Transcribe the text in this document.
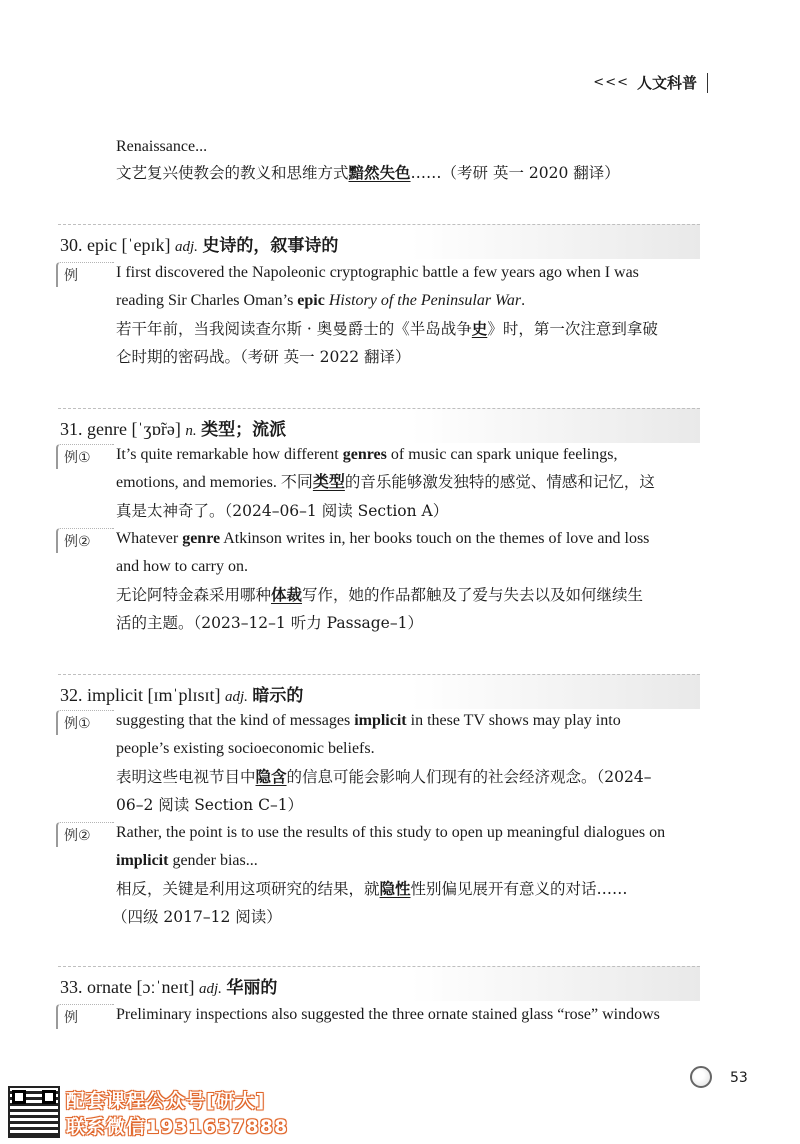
<<< 人文科普
Renaissance...
文艺复兴使教会的教义和思维方式黯然失色……（考研 英一 2020 翻译）
30. epic [ˈepɪk] adj. 史诗的，叙事诗的
例	I first discovered the Napoleonic cryptographic battle a few years ago when I was
reading Sir Charles Oman’s epic History of the Peninsular War.
若干年前，当我阅读查尔斯 · 奥曼爵士的《半岛战争史》时，第一次注意到拿破
仑时期的密码战。（考研 英一 2022 翻译）
31. genre [ˈʒɒ̃rə] n. 类型；流派
例①	It’s quite remarkable how different genres of music can spark unique feelings,
emotions, and memories. 不同类型的音乐能够激发独特的感觉、情感和记忆，这
真是太神奇了。（2024–06–1 阅读 Section A）
例②	Whatever genre Atkinson writes in, her books touch on the themes of love and loss
and how to carry on.
无论阿特金森采用哪种体裁写作，她的作品都触及了爱与失去以及如何继续生
活的主题。（2023–12–1 听力 Passage–1）
32. implicit [ɪmˈplɪsɪt] adj. 暗示的
例①	suggesting that the kind of messages implicit in these TV shows may play into
people’s existing socioeconomic beliefs.
表明这些电视节目中隐含的信息可能会影响人们现有的社会经济观念。（2024–
06–2 阅读 Section C–1）
例②	Rather, the point is to use the results of this study to open up meaningful dialogues on
implicit gender bias...
相反，关键是利用这项研究的结果，就隐性性别偏见展开有意义的对话……
（四级 2017–12 阅读）
33. ornate [ɔːˈneɪt] adj. 华丽的
例	Preliminary inspections also suggested the three ornate stained glass “rose” windows
53
配套课程公众号[研大]
联系微信1931637888
